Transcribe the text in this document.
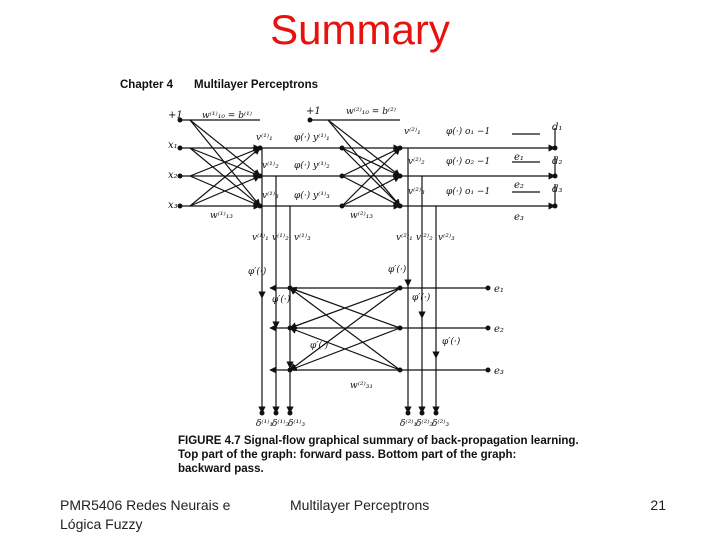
Summary
Chapter 4 Multilayer Perceptrons
+1
x₁
x₂
x₃
w⁽¹⁾₁₀ = b⁽¹⁾
w⁽¹⁾₁₃
+1	w⁽²⁾₁₀ = b⁽²⁾
w⁽²⁾₁₃
v⁽¹⁾₁
v⁽¹⁾₂
v⁽¹⁾₃
φ(·) y⁽¹⁾₁
φ(·) y⁽¹⁾₂
φ(·) y⁽¹⁾₃
v⁽²⁾₁
v⁽²⁾₂
v⁽²⁾₃
φ(·) o₁ −1
φ(·) o₂ −1
φ(·) o₁ −1
d₁
d₂
d₃
e₁
e₂
e₃
v⁽¹⁾₁ v⁽¹⁾₂ v⁽¹⁾₃	v⁽²⁾₁ v⁽²⁾₂ v⁽²⁾₃
φ′(·)
φ′(·)
φ′(·)
φ′(·)
φ′(·)
φ′(·)
e₁
e₂
e₃
w⁽²⁾₃₁
δ⁽¹⁾₁
δ⁽¹⁾₂
δ⁽¹⁾₃	δ⁽²⁾₁
δ⁽²⁾₂
δ⁽²⁾₃
FIGURE 4.7 Signal-flow graphical summary of back-propagation learning.
Top part of the graph: forward pass. Bottom part of the graph:
backward pass.
PMR5406 Redes Neurais e
Lógica Fuzzy
Multilayer Perceptrons	21
